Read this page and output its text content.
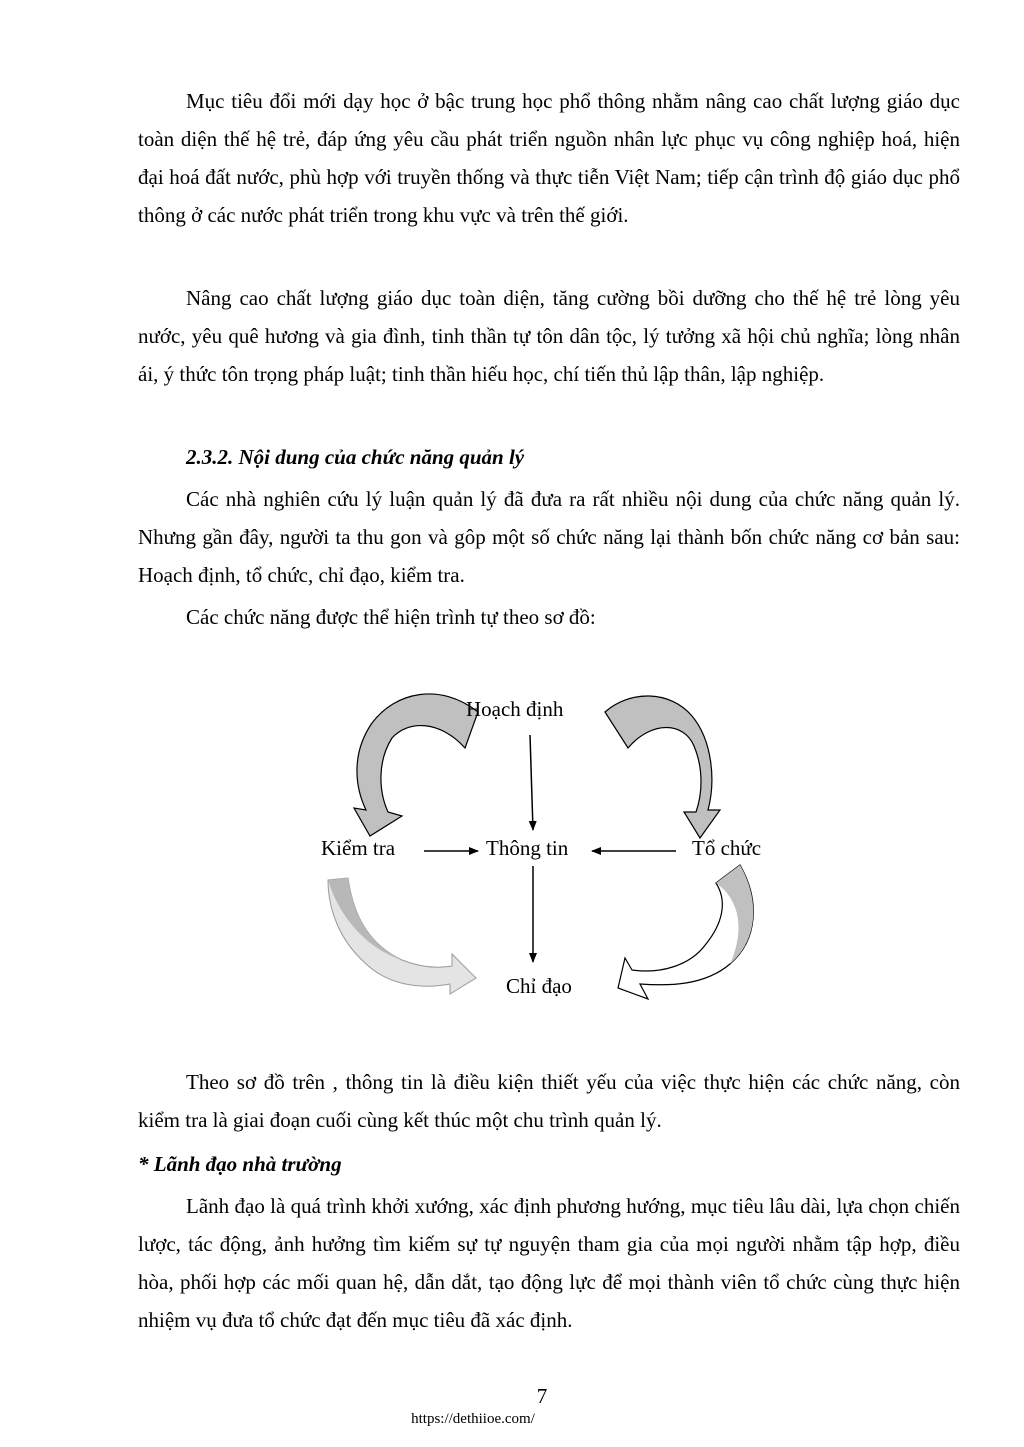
Mục tiêu đổi mới dạy học ở bậc trung học phổ thông nhằm nâng cao chất lượng giáo dục toàn diện thế hệ trẻ, đáp ứng yêu cầu phát triển nguồn nhân lực phục vụ công nghiệp hoá, hiện đại hoá đất nước, phù hợp với truyền thống và thực tiễn Việt Nam; tiếp cận trình độ giáo dục phổ thông ở các nước phát triển trong khu vực và trên thế giới.

Nâng cao chất lượng giáo dục toàn diện, tăng cường bồi dưỡng cho thế hệ trẻ lòng yêu nước, yêu quê hương và gia đình, tinh thần tự tôn dân tộc, lý tưởng xã hội chủ nghĩa; lòng nhân ái, ý thức tôn trọng pháp luật; tinh thần hiếu học, chí tiến thủ lập thân, lập nghiệp.

2.3.2. Nội dung của chức năng quản lý

Các nhà nghiên cứu lý luận quản lý đã đưa ra rất nhiều nội dung của chức năng quản lý. Nhưng gần đây, người ta thu gon và gôp một số chức năng lại thành bốn chức năng cơ bản sau: Hoạch định, tổ chức, chỉ đạo, kiểm tra.

Các chức năng được thể hiện trình tự theo sơ đồ:

Hoạch định
Kiểm tra	Thông tin	Tổ chức
Chỉ đạo

Theo sơ đồ trên , thông tin là điều kiện thiết yếu của việc thực hiện các chức năng, còn kiểm tra là giai đoạn cuối cùng kết thúc một chu trình quản lý.

* Lãnh đạo nhà trường

Lãnh đạo là quá trình khởi xướng, xác định phương hướng, mục tiêu lâu dài, lựa chọn chiến lược, tác động, ảnh hưởng tìm kiếm sự tự nguyện tham gia của mọi người nhằm tập hợp, điều hòa, phối hợp các mối quan hệ, dẫn dắt, tạo động lực để mọi thành viên tổ chức cùng thực hiện nhiệm vụ đưa tổ chức đạt đến mục tiêu đã xác định.

7
https://dethiioe.com/
